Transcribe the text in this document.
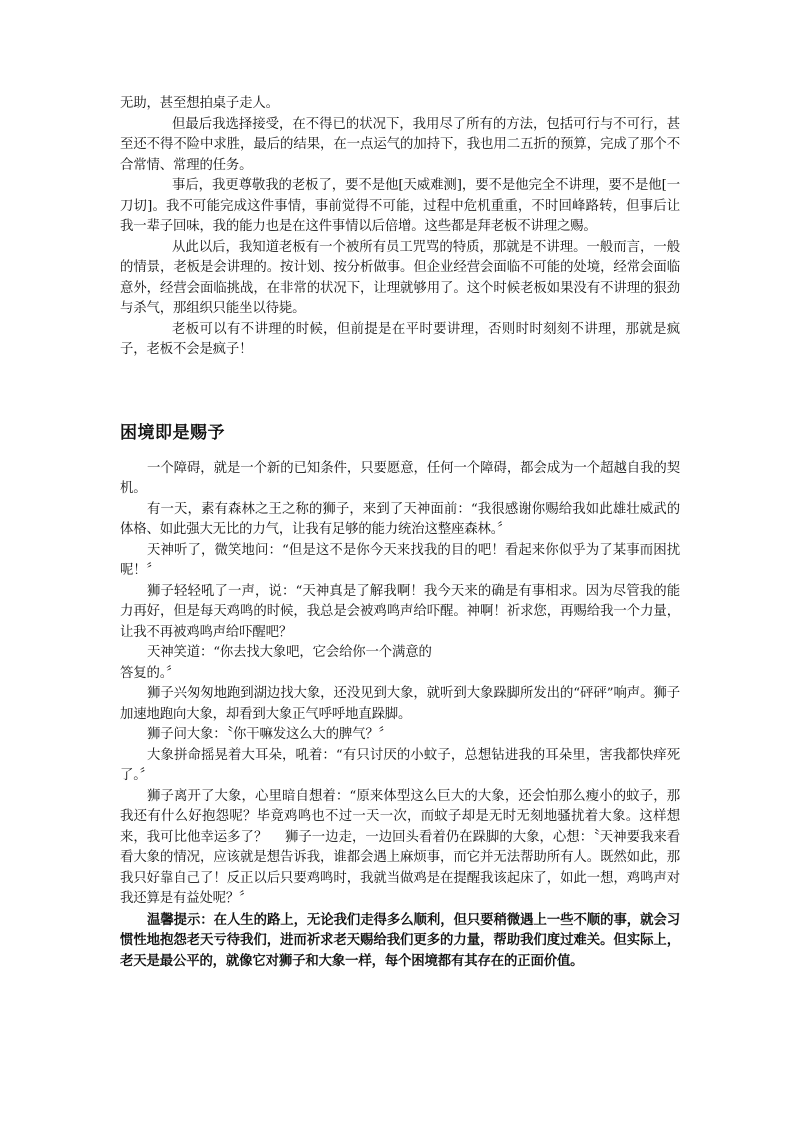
无助，甚至想拍桌子走人。

但最后我选择接受，在不得已的状况下，我用尽了所有的方法，包括可行与不可行，甚至还不得不险中求胜，最后的结果，在一点运气的加持下，我也用二五折的预算，完成了那个不合常情、常理的任务。

事后，我更尊敬我的老板了，要不是他[天威难测]，要不是他完全不讲理，要不是他[一刀切]。我不可能完成这件事情，事前觉得不可能，过程中危机重重，不时回峰路转，但事后让我一辈子回味，我的能力也是在这件事情以后倍增。这些都是拜老板不讲理之赐。

从此以后，我知道老板有一个被所有员工咒骂的特质，那就是不讲理。一般而言，一般的情景，老板是会讲理的。按计划、按分析做事。但企业经营会面临不可能的处境，经常会面临意外，经营会面临挑战，在非常的状况下，让理就够用了。这个时候老板如果没有不讲理的狠劲与杀气，那组织只能坐以待毙。

老板可以有不讲理的时候，但前提是在平时要讲理，否则时时刻刻不讲理，那就是疯子，老板不会是疯子！

困境即是赐予

一个障碍，就是一个新的已知条件，只要愿意，任何一个障碍，都会成为一个超越自我的契机。

有一天，素有森林之王之称的狮子，来到了天神面前：“我很感谢你赐给我如此雄壮威武的体格、如此强大无比的力气，让我有足够的能力统治这整座森林。〞

天神听了，微笑地问：“但是这不是你今天来找我的目的吧！看起来你似乎为了某事而困扰呢！〞

狮子轻轻吼了一声，说：“天神真是了解我啊！我今天来的确是有事相求。因为尽管我的能力再好，但是每天鸡鸣的时候，我总是会被鸡鸣声给吓醒。神啊！祈求您，再赐给我一个力量，让我不再被鸡鸣声给吓醒吧？

天神笑道：“你去找大象吧，它会给你一个满意的

答复的。〞

狮子兴匆匆地跑到湖边找大象，还没见到大象，就听到大象跺脚所发出的“砰砰”响声。狮子加速地跑向大象，却看到大象正气呼呼地直跺脚。

狮子问大象：〝你干嘛发这么大的脾气？〞

大象拼命摇晃着大耳朵，吼着：“有只讨厌的小蚊子，总想钻进我的耳朵里，害我都快痒死了。〞

狮子离开了大象，心里暗自想着：“原来体型这么巨大的大象，还会怕那么瘦小的蚊子，那我还有什么好抱怨呢？毕竟鸡鸣也不过一天一次，而蚊子却是无时无刻地骚扰着大象。这样想来，我可比他幸运多了？　 狮子一边走，一边回头看着仍在跺脚的大象，心想：〝天神要我来看看大象的情况，应该就是想告诉我，谁都会遇上麻烦事，而它并无法帮助所有人。既然如此，那我只好靠自己了！反正以后只要鸡鸣时，我就当做鸡是在提醒我该起床了，如此一想，鸡鸣声对我还算是有益处呢？〞

温馨提示：在人生的路上，无论我们走得多么顺利，但只要稍微遇上一些不顺的事，就会习惯性地抱怨老天亏待我们，进而祈求老天赐给我们更多的力量，帮助我们度过难关。但实际上，老天是最公平的，就像它对狮子和大象一样，每个困境都有其存在的正面价值。
